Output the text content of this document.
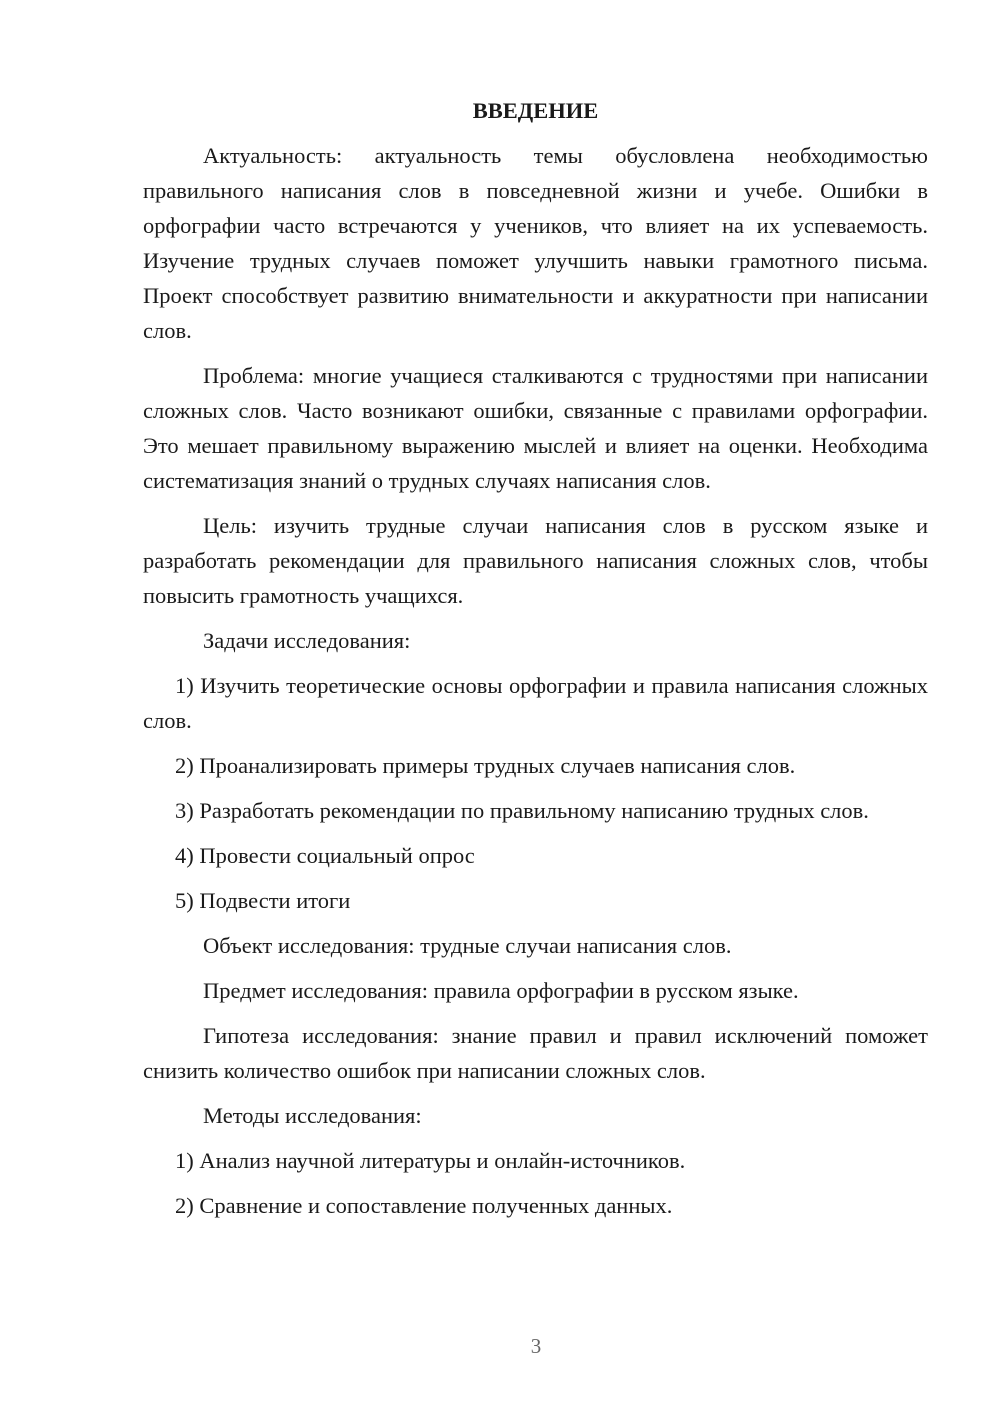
ВВЕДЕНИЕ

Актуальность: актуальность темы обусловлена необходимостью правильного написания слов в повседневной жизни и учебе. Ошибки в орфографии часто встречаются у учеников, что влияет на их успеваемость. Изучение трудных случаев поможет улучшить навыки грамотного письма. Проект способствует развитию внимательности и аккуратности при написании слов.

Проблема: многие учащиеся сталкиваются с трудностями при написании сложных слов. Часто возникают ошибки, связанные с правилами орфографии. Это мешает правильному выражению мыслей и влияет на оценки. Необходима систематизация знаний о трудных случаях написания слов.

Цель: изучить трудные случаи написания слов в русском языке и разработать рекомендации для правильного написания сложных слов, чтобы повысить грамотность учащихся.

Задачи исследования:

1) Изучить теоретические основы орфографии и правила написания сложных слов.

2) Проанализировать примеры трудных случаев написания слов.

3) Разработать рекомендации по правильному написанию трудных слов.

4) Провести социальный опрос

5) Подвести итоги

Объект исследования: трудные случаи написания слов.

Предмет исследования: правила орфографии в русском языке.

Гипотеза исследования: знание правил и правил исключений поможет снизить количество ошибок при написании сложных слов.

Методы исследования:

1) Анализ научной литературы и онлайн-источников.

2) Сравнение и сопоставление полученных данных.

3
